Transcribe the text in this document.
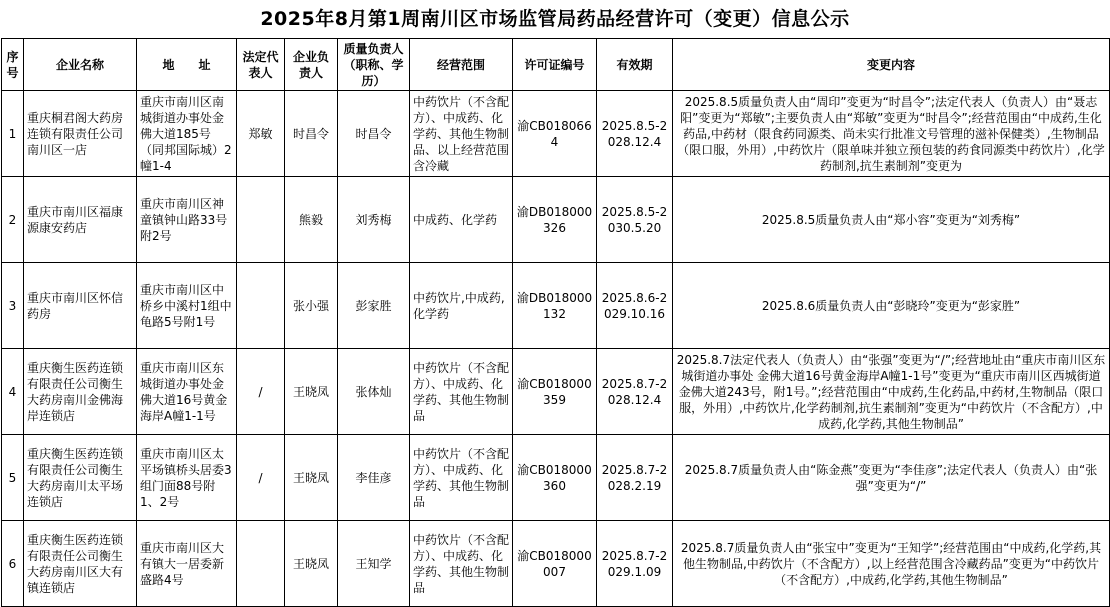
2025年8月第1周南川区市场监管局药品经营许可（变更）信息公示
序号	企业名称	地　　址	法定代表人	企业负责人	质量负责人（职称、学历）	经营范围	许可证编号	有效期	变更内容
1	重庆桐君阁大药房连锁有限责任公司南川区一店	重庆市南川区南城街道办事处金佛大道185号（同邦国际城）2幢1-4	郑敏	时昌令	时昌令	中药饮片（不含配方）、中成药、化学药、其他生物制品、以上经营范围含冷藏	渝CB0180664	2025.8.5-2028.12.4	2025.8.5质量负责人由“周印”变更为“时昌令”;法定代表人（负责人）由“聂志阳”变更为“郑敏”;主要负责人由“郑敏”变更为“时昌令”;经营范围由“中成药,生化药品,中药材（限食药同源类、尚未实行批准文号管理的滋补保健类）,生物制品（限口服，外用）,中药饮片（限单味并独立预包装的药食同源类中药饮片）,化学药制剂,抗生素制剂”变更为

2	重庆市南川区福康源康安药店	重庆市南川区神童镇钟山路33号附2号		熊毅	刘秀梅	中成药、化学药	渝DB018000326	2025.8.5-2030.5.20	2025.8.5质量负责人由“郑小容”变更为“刘秀梅”

3	重庆市南川区怀信药房	重庆市南川区中桥乡中溪村1组中龟路5号附1号		张小强	彭家胜	中药饮片,中成药,化学药	渝DB018000132	2025.8.6-2029.10.16	2025.8.6质量负责人由“彭晓玲”变更为“彭家胜”

4	重庆衡生医药连锁有限责任公司衡生大药房南川金佛海岸连锁店	重庆市南川区东城街道办事处金佛大道16号黄金海岸A幢1-1号	/	王晓凤	张体灿	中药饮片（不含配方）、中成药、化学药、其他生物制品	渝CB018000359	2025.8.7-2028.12.4	2025.8.7法定代表人（负责人）由“张强”变更为“/”;经营地址由“重庆市南川区东城街道办事处 金佛大道16号黄金海岸A幢1-1号”变更为“重庆市南川区西城街道金佛大道243号，附1号。”;经营范围由“中成药,生化药品,中药材,生物制品（限口服，外用）,中药饮片,化学药制剂,抗生素制剂”变更为“中药饮片（不含配方）,中成药,化学药,其他生物制品”

5	重庆衡生医药连锁有限责任公司衡生大药房南川太平场连锁店	重庆市南川区太平场镇桥头居委3组门面88号附1、2号	/	王晓凤	李佳彦	中药饮片（不含配方）、中成药、化学药、其他生物制品	渝CB018000360	2025.8.7-2028.2.19	2025.8.7质量负责人由“陈金燕”变更为“李佳彦”;法定代表人（负责人）由“张强”变更为“/”

6	重庆衡生医药连锁有限责任公司衡生大药房南川区大有镇连锁店	重庆市南川区大有镇大一居委新盛路4号		王晓凤	王知学	中药饮片（不含配方）、中成药、化学药、其他生物制品	渝CB018000007	2025.8.7-2029.1.09	2025.8.7质量负责人由“张宝中”变更为“王知学”;经营范围由“中成药,化学药,其他生物制品,中药饮片（不含配方）,以上经营范围含冷藏药品”变更为“中药饮片（不含配方）,中成药,化学药,其他生物制品”
